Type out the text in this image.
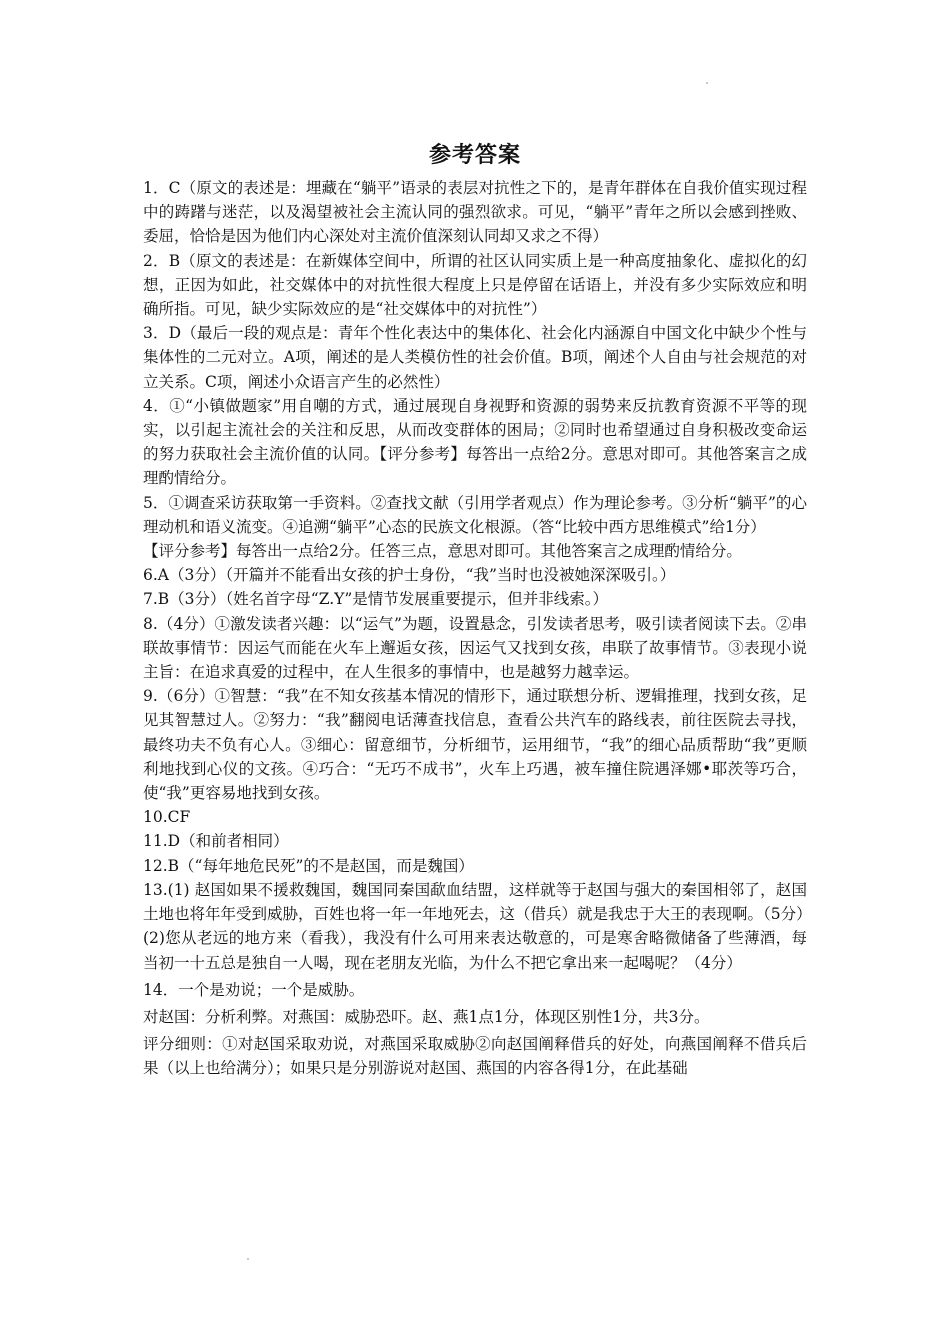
参考答案

1．C（原文的表述是：埋藏在“躺平”语录的表层对抗性之下的，是青年群体在自我价值实现过程中的踌躇与迷茫，以及渴望被社会主流认同的强烈欲求。可见，“躺平”青年之所以会感到挫败、委屈，恰恰是因为他们内心深处对主流价值深刻认同却又求之不得）

2．B（原文的表述是：在新媒体空间中，所谓的社区认同实质上是一种高度抽象化、虚拟化的幻想，正因为如此，社交媒体中的对抗性很大程度上只是停留在话语上，并没有多少实际效应和明确所指。可见，缺少实际效应的是“社交媒体中的对抗性”）

3．D（最后一段的观点是：青年个性化表达中的集体化、社会化内涵源自中国文化中缺少个性与集体性的二元对立。A项，阐述的是人类模仿性的社会价值。B项，阐述个人自由与社会规范的对立关系。C项，阐述小众语言产生的必然性）

4．①“小镇做题家”用自嘲的方式，通过展现自身视野和资源的弱势来反抗教育资源不平等的现实，以引起主流社会的关注和反思，从而改变群体的困局；②同时也希望通过自身积极改变命运的努力获取社会主流价值的认同。【评分参考】每答出一点给2分。意思对即可。其他答案言之成理酌情给分。

5．①调查采访获取第一手资料。②查找文献（引用学者观点）作为理论参考。③分析“躺平”的心理动机和语义流变。④追溯“躺平”心态的民族文化根源。（答“比较中西方思维模式”给1分）

【评分参考】每答出一点给2分。任答三点，意思对即可。其他答案言之成理酌情给分。

6.A（3分）（开篇并不能看出女孩的护士身份，“我”当时也没被她深深吸引。）

7.B（3分）（姓名首字母“Z.Y”是情节发展重要提示，但并非线索。）

8.（4分）①激发读者兴趣：以“运气”为题，设置悬念，引发读者思考，吸引读者阅读下去。②串联故事情节：因运气而能在火车上邂逅女孩，因运气又找到女孩，串联了故事情节。③表现小说主旨：在追求真爱的过程中，在人生很多的事情中，也是越努力越幸运。

9.（6分）①智慧：“我”在不知女孩基本情况的情形下，通过联想分析、逻辑推理，找到女孩，足见其智慧过人。②努力：“我”翻阅电话薄查找信息，查看公共汽车的路线表，前往医院去寻找，最终功夫不负有心人。③细心：留意细节，分析细节，运用细节，“我”的细心品质帮助“我”更顺利地找到心仪的文孩。④巧合：“无巧不成书”，火车上巧遇，被车撞住院遇泽娜•耶茨等巧合，使“我”更容易地找到女孩。

10.CF

11.D（和前者相同）

12.B（“每年地危民死”的不是赵国，而是魏国）

13.(1) 赵国如果不援救魏国，魏国同秦国歃血结盟，这样就等于赵国与强大的秦国相邻了，赵国土地也将年年受到威胁，百姓也将一年一年地死去，这（借兵）就是我忠于大王的表现啊。（5分）

(2)您从老远的地方来（看我），我没有什么可用来表达敬意的，可是寒舍略微储备了些薄酒，每当初一十五总是独自一人喝，现在老朋友光临，为什么不把它拿出来一起喝呢？（4分）

14．一个是劝说；一个是威胁。

对赵国：分析利弊。对燕国：威胁恐吓。赵、燕1点1分，体现区别性1分，共3分。

评分细则：①对赵国采取劝说，对燕国采取威胁②向赵国阐释借兵的好处，向燕国阐释不借兵后果（以上也给满分）；如果只是分别游说对赵国、燕国的内容各得1分，在此基础
